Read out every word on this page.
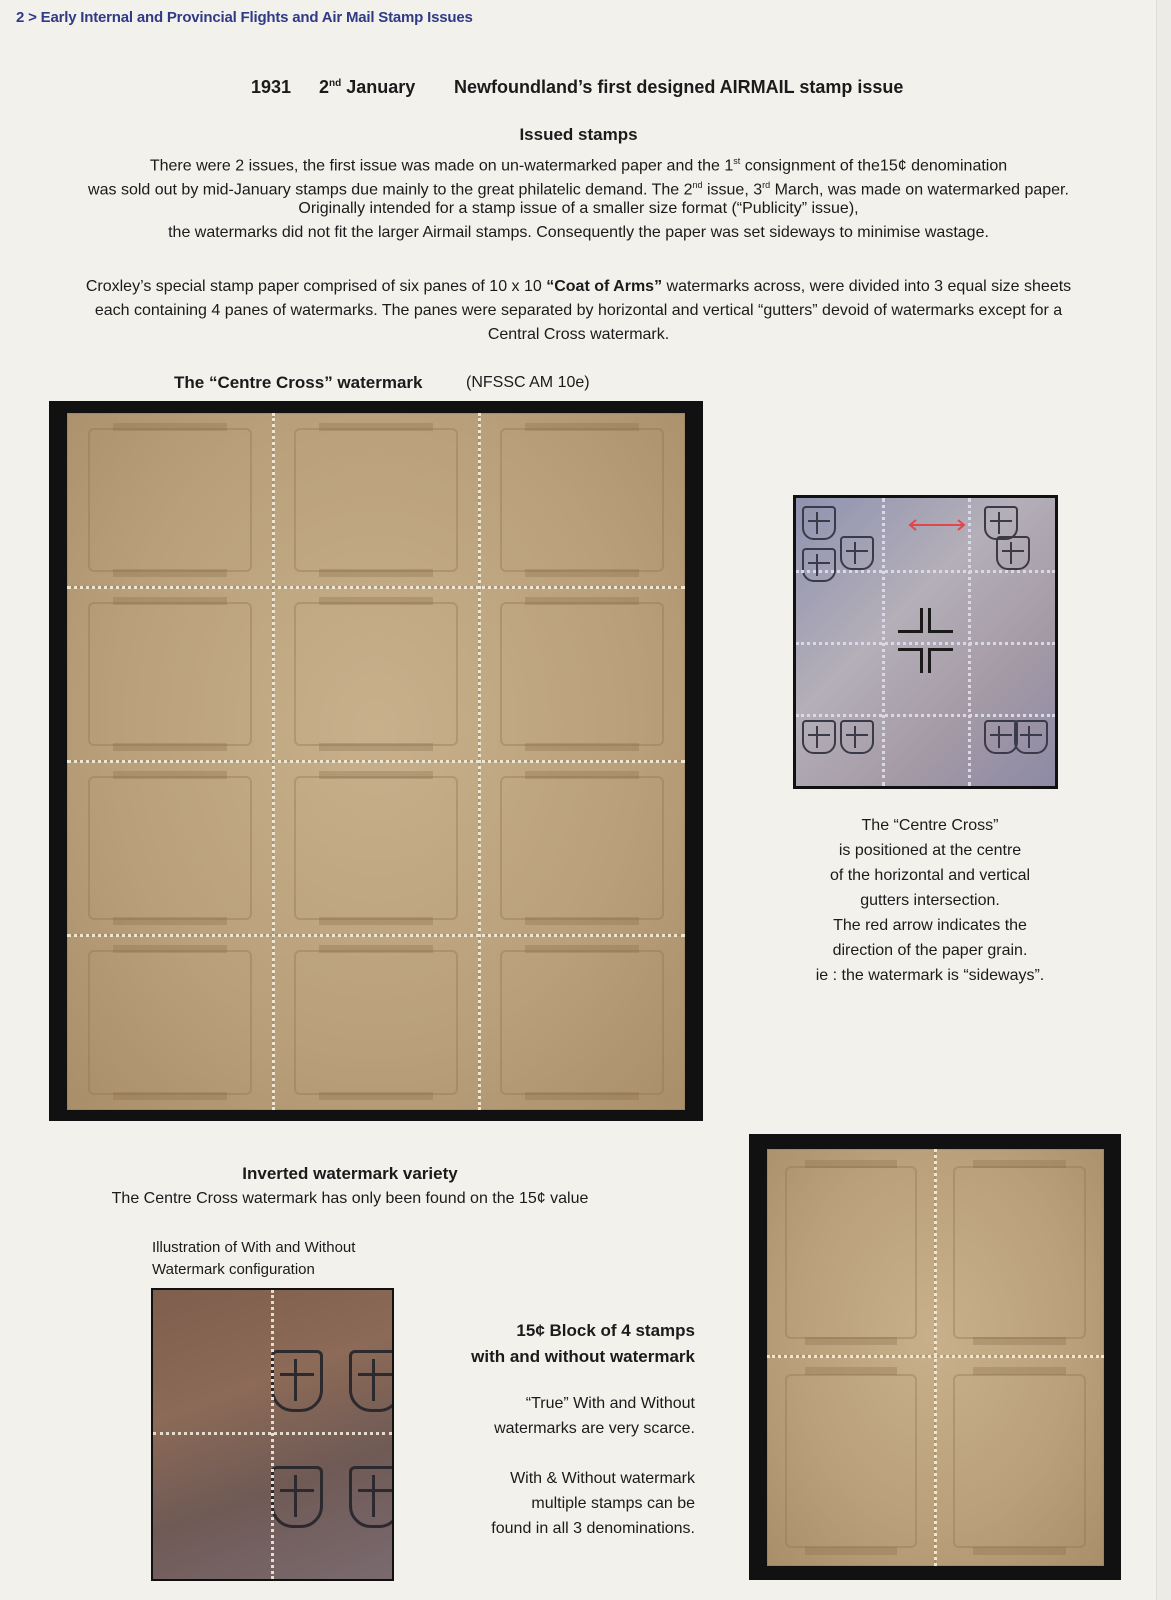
2 > Early Internal and Provincial Flights and Air Mail Stamp Issues
1931 2nd January Newfoundland’s first designed AIRMAIL stamp issue
Issued stamps
There were 2 issues, the first issue was made on un-watermarked paper and the 1st consignment of the15¢ denomination
was sold out by mid-January stamps due mainly to the great philatelic demand. The 2nd issue, 3rd March, was made on watermarked paper.
Originally intended for a stamp issue of a smaller size format (“Publicity” issue),
the watermarks did not fit the larger Airmail stamps. Consequently the paper was set sideways to minimise wastage.
Croxley’s special stamp paper comprised of six panes of 10 x 10 “Coat of Arms” watermarks across, were divided into 3 equal size sheets
each containing 4 panes of watermarks. The panes were separated by horizontal and vertical “gutters” devoid of watermarks except for a
Central Cross watermark.
The “Centre Cross” watermark	(NFSSC AM 10e)
The “Centre Cross”
is positioned at the centre
of the horizontal and vertical
gutters intersection.
The red arrow indicates the
direction of the paper grain.
ie : the watermark is “sideways”.
Inverted watermark variety
The Centre Cross watermark has only been found on the 15¢ value
Illustration of With and Without
Watermark configuration
15¢ Block of 4 stamps
with and without watermark
“True” With and Without
watermarks are very scarce.
With & Without watermark
multiple stamps can be
found in all 3 denominations.
